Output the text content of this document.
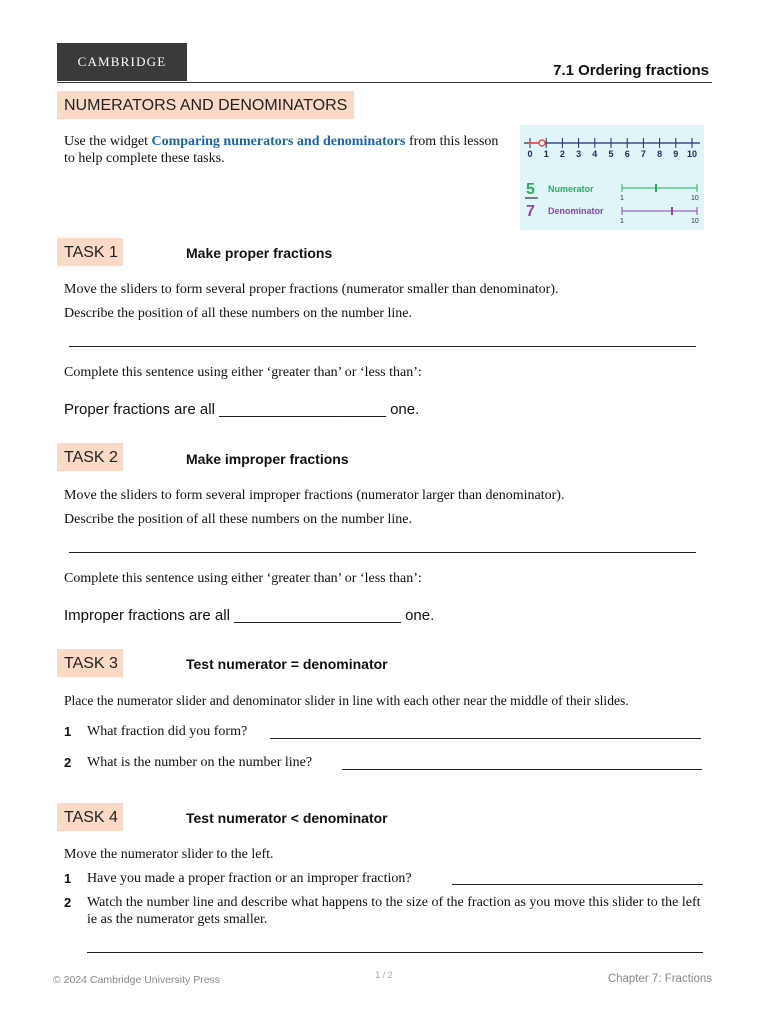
CAMBRIDGE
7.1 Ordering fractions
NUMERATORS AND DENOMINATORS
Use the widget Comparing numerators and denominators from this lesson to help complete these tasks.	0 1 2 3 4 5 6 7 8 9 10
5
7
Numerator
Denominator
1	10
1	10
TASK 1	Make proper fractions
Move the sliders to form several proper fractions (numerator smaller than denominator).
Describe the position of all these numbers on the number line.
Complete this sentence using either ‘greater than’ or ‘less than’:
Proper fractions are all ____________________ one.
TASK 2	Make improper fractions
Move the sliders to form several improper fractions (numerator larger than denominator).
Describe the position of all these numbers on the number line.
Complete this sentence using either ‘greater than’ or ‘less than’:
Improper fractions are all ____________________ one.
TASK 3	Test numerator = denominator
Place the numerator slider and denominator slider in line with each other near the middle of their slides.
1 What fraction did you form?
2 What is the number on the number line?
TASK 4	Test numerator < denominator
Move the numerator slider to the left.
1 Have you made a proper fraction or an improper fraction?
2 Watch the number line and describe what happens to the size of the fraction as you move this slider to the left ie as the numerator gets smaller.
© 2024 Cambridge University Press	1 / 2	Chapter 7: Fractions
